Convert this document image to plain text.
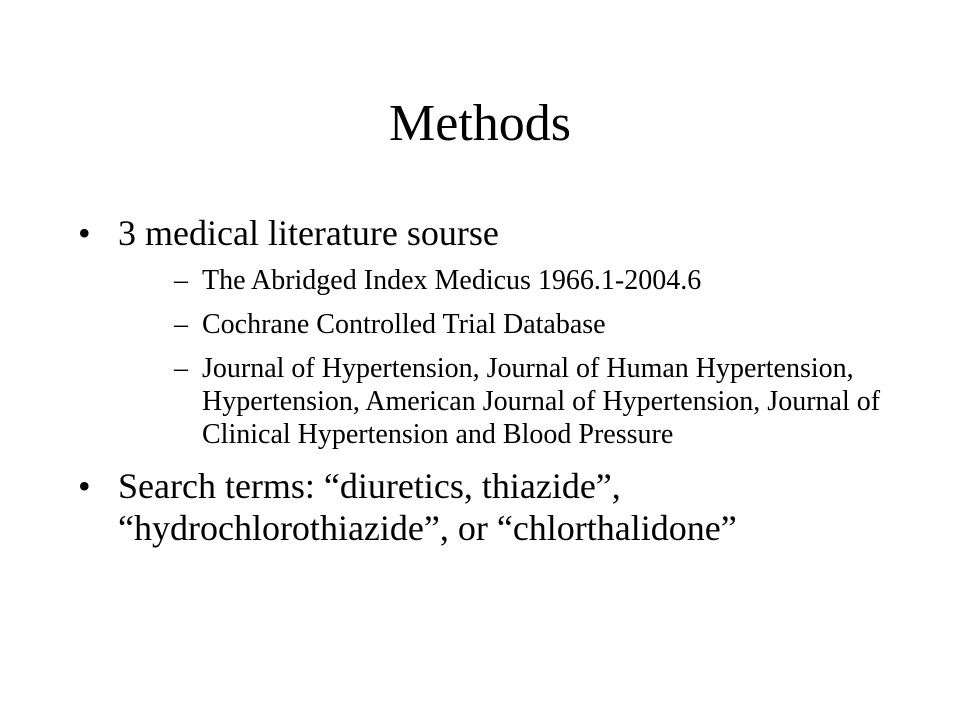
Methods
• 3 medical literature sourse
– The Abridged Index Medicus 1966.1-2004.6
– Cochrane Controlled Trial Database
– Journal of Hypertension, Journal of Human Hypertension, Hypertension, American Journal of Hypertension, Journal of Clinical Hypertension and Blood Pressure
• Search terms: “diuretics, thiazide”, “hydrochlorothiazide”, or “chlorthalidone”
